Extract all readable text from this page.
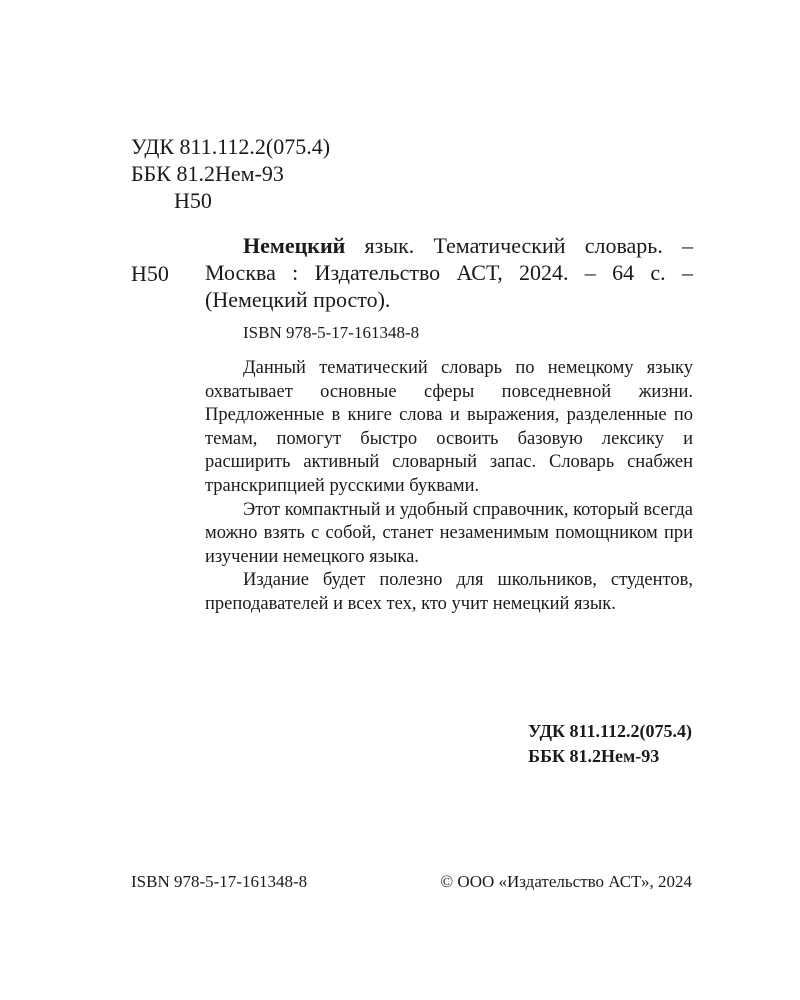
УДК 811.112.2(075.4)
ББК 81.2Нем-93
Н50
Н50

Немецкий язык. Тематический словарь. – Москва : Издательство АСТ, 2024. – 64 с. – (Немецкий просто).

ISBN 978-5-17-161348-8

Данный тематический словарь по немецкому языку охватывает основные сферы повседневной жизни. Предложенные в книге слова и выражения, разделенные по темам, помогут быстро освоить базовую лексику и расширить активный словарный запас. Словарь снабжен транскрипцией русскими буквами.

Этот компактный и удобный справочник, который всегда можно взять с собой, станет незаменимым помощником при изучении немецкого языка.

Издание будет полезно для школьников, студентов, преподавателей и всех тех, кто учит немецкий язык.

УДК 811.112.2(075.4)
ББК 81.2Нем-93
ISBN 978-5-17-161348-8	© ООО «Издательство АСТ», 2024
